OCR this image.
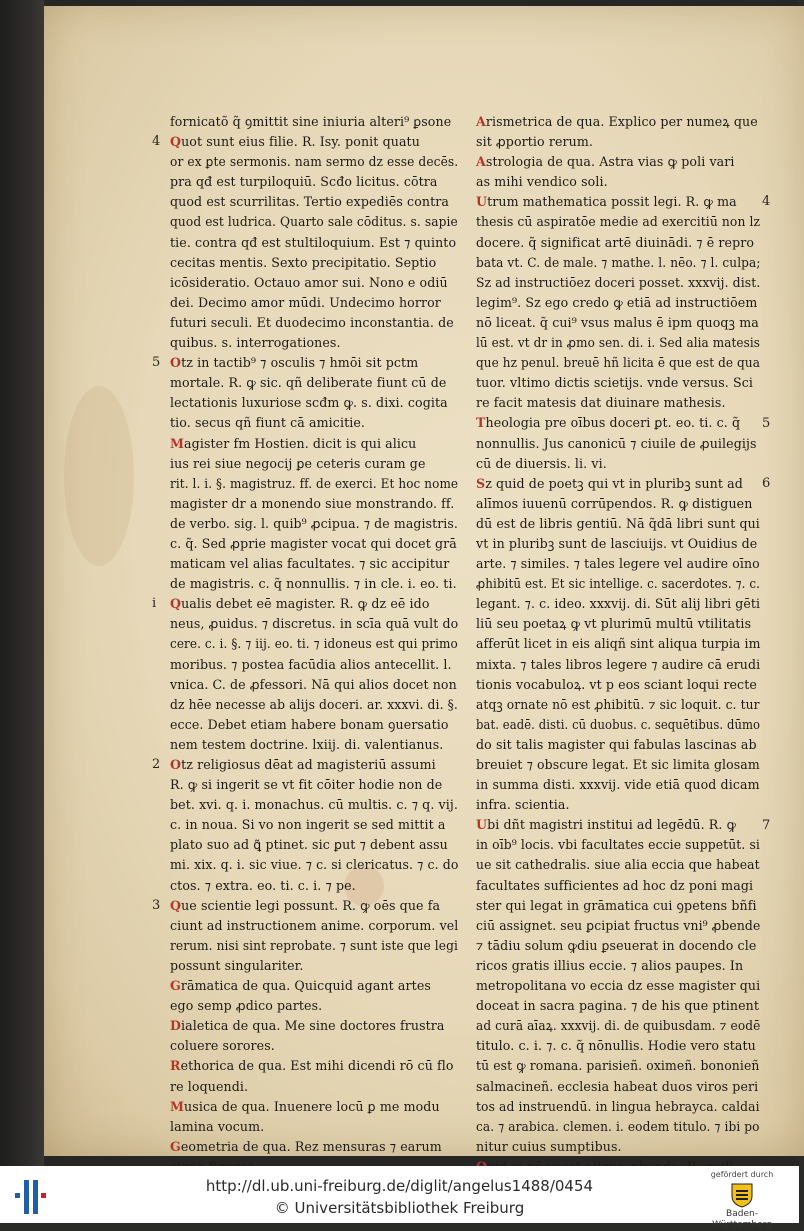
fornicatõ q̃ ꝯmittit sine iniuria alteri⁹ ꝑsone
Quot sunt eius filie. R. Isy. ponit quatu
or ex ꝑte sermonis. nam sermo dz esse decēs.
pra qđ est turpiloquiū. Scđo licitus. cōtra
quod est scurrilitas. Tertio expediēs contra
quod est ludrica. Quarto sale cōditus. s. sapie
tie. contra qđ est stultiloquium. Est ⁊ quinto
cecitas mentis. Sexto precipitatio. Septio
icōsideratio. Octauo amor sui. Nono e odiū
dei. Decimo amor mūdi. Undecimo horror
futuri seculi. Et duodecimo inconstantia. de
quibus. s. interrogationes.
Otz in tactib⁹ ⁊ osculis ⁊ hmōi sit pctm
mortale. R. ꝙ sic. qñ deliberate fiunt cū de
lectationis luxuriose scđm ꝙ. s. dixi. cogita
tio. secus qñ fiunt cā amicitie.
Magister fm Hostien. dicit is qui alicu
ius rei siue negocij ꝑe ceteris curam ge
rit. l. i. §. magistruz. ff. de exerci. Et hoc nome
magister dr a monendo siue monstrando. ff.
de verbo. sig. l. quib⁹ ꝓcipua. ⁊ de magistris.
c. q̃. Sed ꝓprie magister vocat qui docet grā
maticam vel alias facultates. ⁊ sic accipitur
de magistris. c. q̃ nonnullis. ⁊ in cle. i. eo. ti.
Qualis debet eē magister. R. ꝙ dz eē ido
neus, ꝓuidus. ⁊ discretus. in scīa quā vult do
cere. c. i. §. ⁊ iij. eo. ti. ⁊ idoneus est qui primo
moribus. ⁊ postea facūdia alios antecellit. l.
vnica. C. de ꝓfessori. Nā qui alios docet non
dz hēe necesse ab alijs doceri. ar. xxxvi. di. §.
ecce. Debet etiam habere bonam ꝯuersatio
nem testem doctrine. lxiij. di. valentianus.
Otz religiosus dēat ad magisteriū assumi
R. ꝙ si ingerit se vt fit cōiter hodie non de
bet. xvi. q. i. monachus. cū multis. c. ⁊ q. vij.
c. in noua. Si vo non ingerit se sed mittit a
plato suo ad ꝗ̃ ptinet. sic ꝑut ⁊ debent assu
mi. xix. q. i. sic viue. ⁊ c. si clericatus. ⁊ c. do
ctos. ⁊ extra. eo. ti. c. i. ⁊ pe.
Que scientie legi possunt. R. ꝙ oēs que fa
ciunt ad instructionem anime. corporum. vel
rerum. nisi sint reprobate. ⁊ sunt iste que legi
possunt singulariter.
Grāmatica de qua. Quicquid agant artes
ego semp ꝓdico partes.
Dialetica de qua. Me sine doctores frustra
coluere sorores.
Rethorica de qua. Est mihi dicendi rō cū flo
re loquendi.
Musica de qua. Inuenere locū ꝑ me modu
lamina vocum.
Geometria de qua. Rez mensuras ⁊ earum
Arismetrica de qua. Explico per numeꝝ que
sit ꝓportio rerum.
Astrologia de qua. Astra vias ꝙ poli vari
as mihi vendico soli.
Utrum mathematica possit legi. R. ꝙ ma
thesis cū aspiratōe medie ad exercitiū non lz
docere. q̃ significat artē diuinādi. ⁊ ē repro
bata vt. C. de male. ⁊ mathe. l. nēo. ⁊ l. culpa;
Sz ad instructiōez doceri posset. xxxvij. dist.
legim⁹. Sz ego credo ꝙ etiā ad instructiōem
nō liceat. q̃ cui⁹ vsus malus ē ipm quoqꝫ ma
lū est. vt dr in ꝓmo sen. di. i. Sed alia matesis
que hz penul. breuē hñ licita ē que est de qua
tuor. vltimo dictis scietijs. vnde versus. Sci
re facit matesis dat diuinare mathesis.
Theologia pre oībus doceri ꝑt. eo. ti. c. q̃
nonnullis. Jus canonicū ⁊ ciuile de ꝓuilegijs
cū de diuersis. li. vi.
Sz quid de poetꝫ qui vt in pluribꝫ sunt ad
alīmos iuuenū corrūpendos. R. ꝙ distiguen
dū est de libris gentiū. Nā q̃dā libri sunt qui
vt in pluribꝫ sunt de lasciuijs. vt Ouidius de
arte. ⁊ similes. ⁊ tales legere vel audire oīno
ꝓhibitū est. Et sic intellige. c. sacerdotes. ⁊. c.
legant. ⁊. c. ideo. xxxvij. di. Sūt alij libri gēti
liū seu poetaꝝ ꝙ vt plurimū multū vtilitatis
afferūt licet in eis aliqñ sint aliqua turpia im
mixta. ⁊ tales libros legere ⁊ audire cā erudi
tionis vocabuloꝝ. vt p eos sciant loqui recte
atqꝫ ornate nō est ꝓhibitū. ⁊ sic loquit. c. tur
bat. eadē. disti. cū duobus. c. sequētibus. dūmo
do sit talis magister qui fabulas lascinas ab
breuiet ⁊ obscure legat. Et sic limita glosam
in summa disti. xxxvij. vide etiā quod dicam
infra. scientia.
Ubi dñt magistri institui ad legēdū. R. ꝙ
in oīb⁹ locis. vbi facultates eccie suppetūt. si
ue sit cathedralis. siue alia eccia que habeat
facultates sufficientes ad hoc dz poni magi
ster qui legat in grāmatica cui ꝯpetens bñfi
ciū assignet. seu ꝑcipiat fructus vni⁹ ꝓbende
⁊ tādiu solum ꝙdiu ꝑseuerat in docendo cle
ricos gratis illius eccie. ⁊ alios paupes. In
metropolitana vo eccia dz esse magister qui
doceat in sacra pagina. ⁊ de his que ptinent
ad curā aīaꝝ. xxxvij. di. de quibusdam. ⁊ eodē
titulo. c. i. ⁊. c. q̃ nōnullis. Hodie vero statu
tū est ꝙ romana. parisieñ. oximeñ. bononieñ
salmacineñ. ecclesia habeat duos viros peri
tos ad instruendū. in lingua hebrayca. caldai
ca. ⁊ arabica. clemen. i. eodem titulo. ⁊ ibi po
nitur cuius sumptibus.
4
5
i
2
3
4
5
6
7
http://dl.ub.uni-freiburg.de/diglit/angelus1488/0454
© Universitätsbibliothek Freiburg
gefördert durch
Baden-Württemberg
